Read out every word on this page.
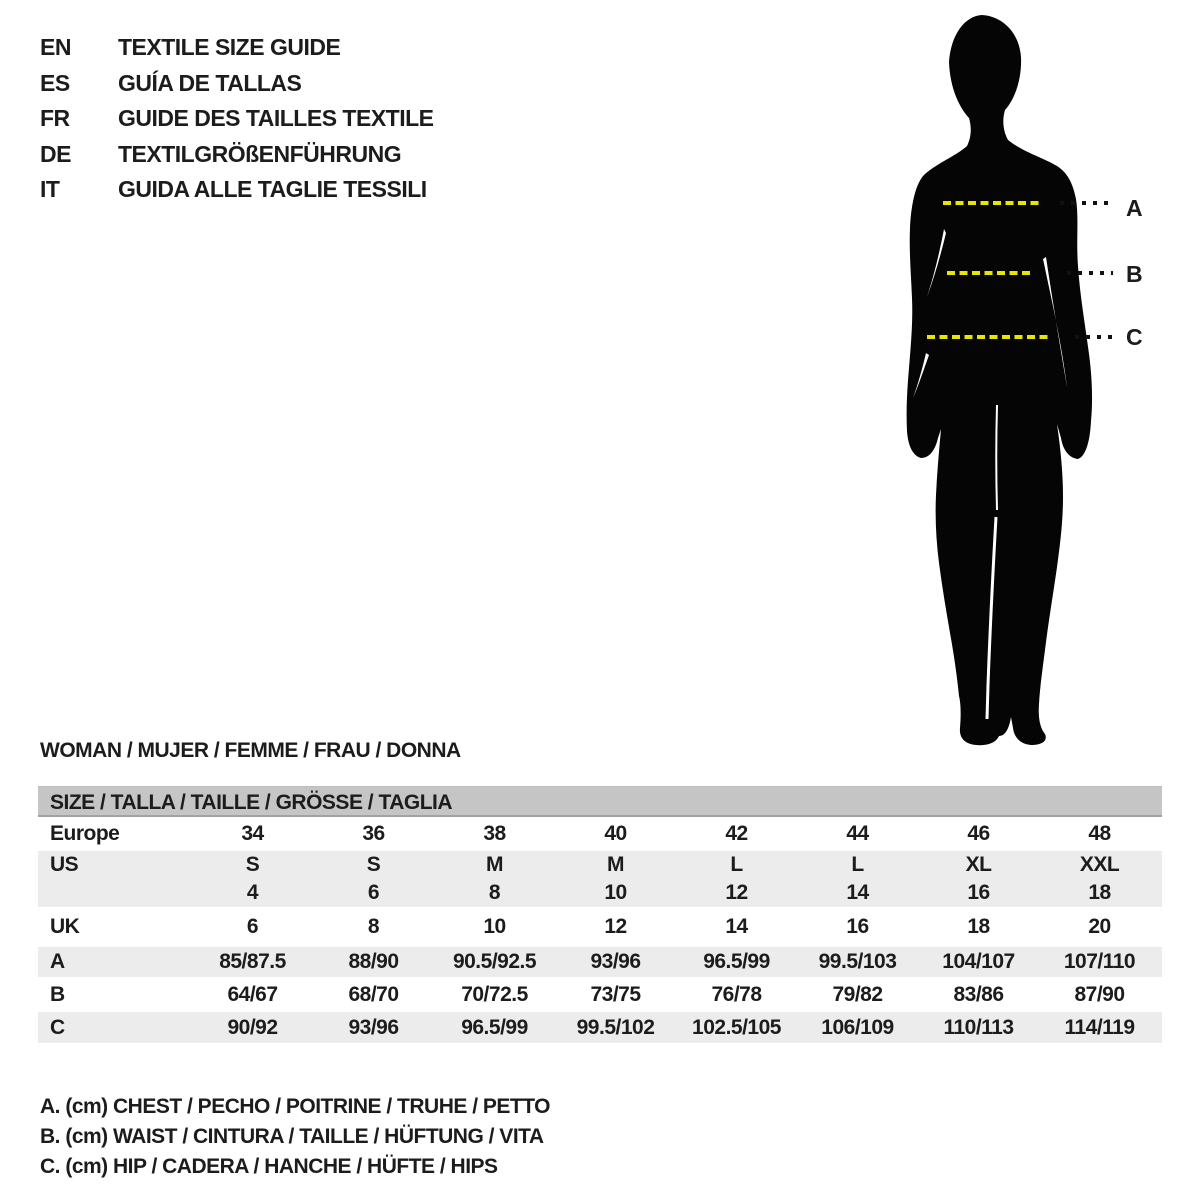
EN	TEXTILE SIZE GUIDE
ES	GUÍA DE TALLAS
FR	GUIDE DES TAILLES TEXTILE
DE	TEXTILGRÖßENFÜHRUNG
IT	GUIDA ALLE TAGLIE TESSILI
A
B
C
WOMAN / MUJER / FEMME / FRAU / DONNA
SIZE / TALLA / TAILLE / GRÖSSE / TAGLIA
Europe	34	36	38	40	42	44	46	48
US	S	S	M	M	L	L	XL	XXL
4	6	8	10	12	14	16	18
UK	6	8	10	12	14	16	18	20
A	85/87.5	88/90	90.5/92.5	93/96	96.5/99	99.5/103	104/107	107/110
B	64/67	68/70	70/72.5	73/75	76/78	79/82	83/86	87/90
C	90/92	93/96	96.5/99	99.5/102	102.5/105	106/109	110/113	114/119
A. (cm) CHEST / PECHO / POITRINE / TRUHE / PETTO
B. (cm) WAIST / CINTURA / TAILLE / HÜFTUNG / VITA
C. (cm) HIP / CADERA / HANCHE / HÜFTE / HIPS
